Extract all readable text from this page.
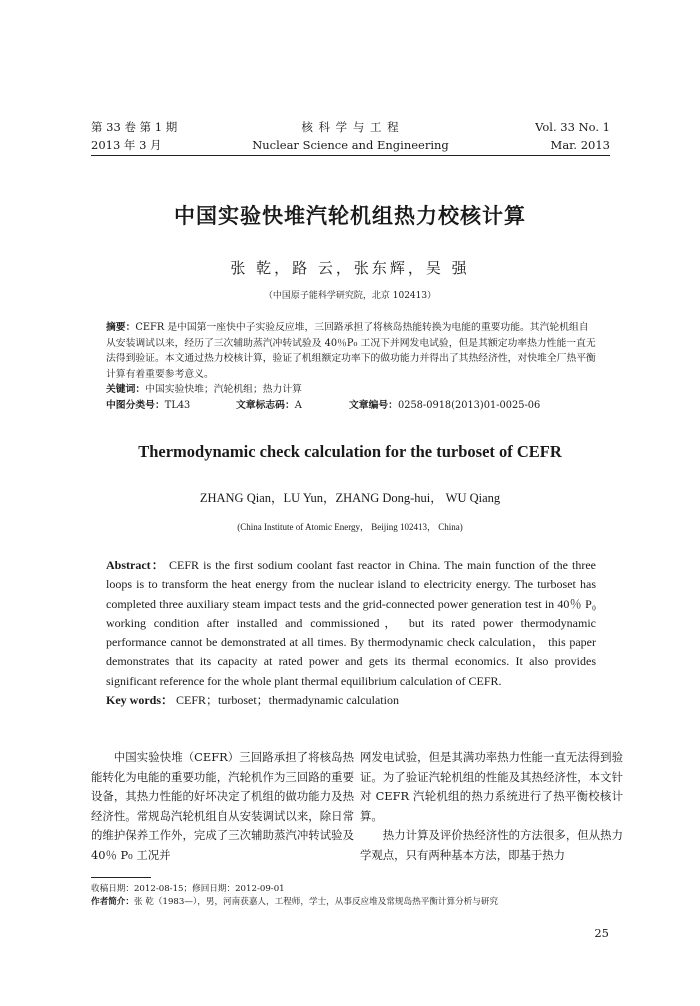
第 33 卷 第 1 期
2013 年 3 月
核 科 学 与 工 程
Nuclear Science and Engineering
Vol. 33 No. 1
Mar. 2013
中国实验快堆汽轮机组热力校核计算
张 乾，路 云，张东辉，吴 强
（中国原子能科学研究院，北京 102413）

摘要：CEFR 是中国第一座快中子实验反应堆，三回路承担了将核岛热能转换为电能的重要功能。其汽轮机组自从安装调试以来，经历了三次辅助蒸汽冲转试验及 40％P₀ 工况下并网发电试验，但是其额定功率热力性能一直无法得到验证。本文通过热力校核计算，验证了机组额定功率下的做功能力并得出了其热经济性，对快堆全厂热平衡计算有着重要参考意义。

关键词：中国实验快堆；汽轮机组；热力计算

中图分类号：TL43	文章标志码：A	文章编号：0258-0918(2013)01-0025-06
Thermodynamic check calculation for the turboset of CEFR
ZHANG Qian，LU Yun，ZHANG Dong-hui， WU Qiang
(China Institute of Atomic Energy， Beijing 102413， China)

Abstract： CEFR is the first sodium coolant fast reactor in China. The main function of the three loops is to transform the heat energy from the nuclear island to electricity energy. The turboset has completed three auxiliary steam impact tests and the grid-connected power generation test in 40％ P₀ working condition after installed and commissioned， but its rated power thermodynamic performance cannot be demonstrated at all times. By thermodynamic check calculation， this paper demonstrates that its capacity at rated power and gets its thermal economics. It also provides significant reference for the whole plant thermal equilibrium calculation of CEFR.

Key words： CEFR；turboset；thermadynamic calculation

中国实验快堆（CEFR）三回路承担了将核岛热能转化为电能的重要功能，汽轮机作为三回路的重要设备，其热力性能的好坏决定了机组的做功能力及热经济性。常规岛汽轮机组自从安装调试以来，除日常的维护保养工作外，完成了三次辅助蒸汽冲转试验及 40％ P₀ 工况并

网发电试验，但是其满功率热力性能一直无法得到验证。为了验证汽轮机组的性能及其热经济性，本文针对 CEFR 汽轮机组的热力系统进行了热平衡校核计算。

热力计算及评价热经济性的方法很多，但从热力学观点，只有两种基本方法，即基于热力

收稿日期：2012-08-15；修回日期：2012-09-01
作者简介：张 乾（1983—），男，河南获嘉人，工程师，学士，从事反应堆及常规岛热平衡计算分析与研究
25
